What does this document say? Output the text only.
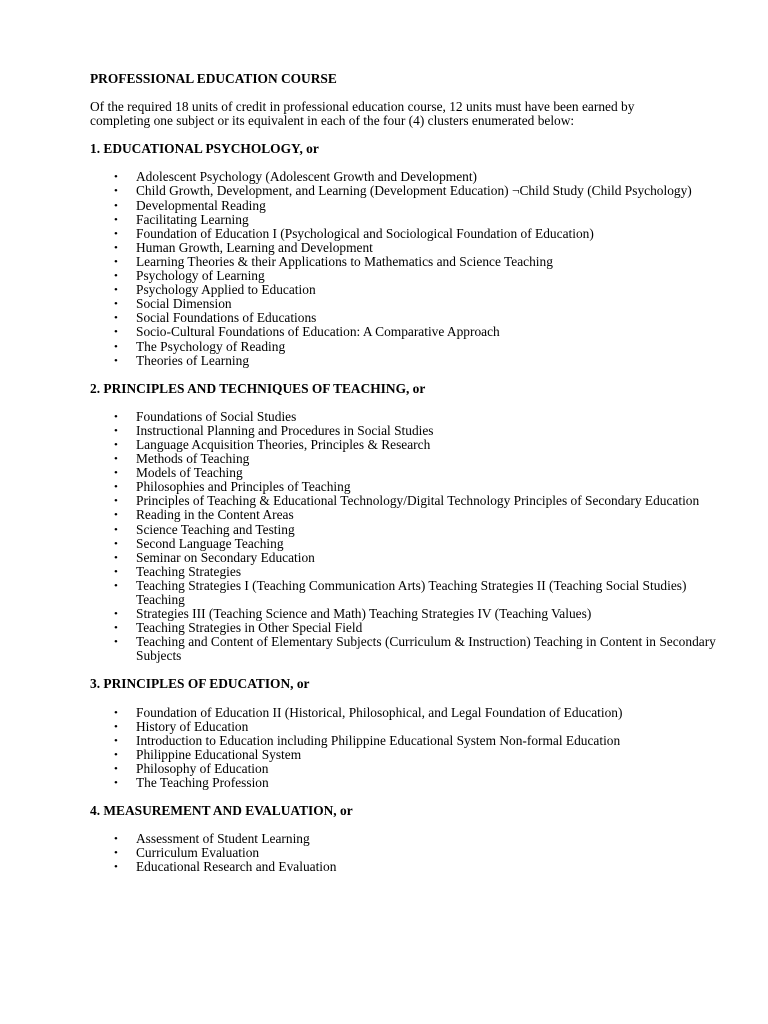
PROFESSIONAL EDUCATION COURSE
Of the required 18 units of credit in professional education course, 12 units must have been earned by completing one subject or its equivalent in each of the four (4) clusters enumerated below:
1. EDUCATIONAL PSYCHOLOGY, or
• Adolescent Psychology (Adolescent Growth and Development)
• Child Growth, Development, and Learning (Development Education) ¬Child Study (Child Psychology)
• Developmental Reading
• Facilitating Learning
• Foundation of Education I (Psychological and Sociological Foundation of Education)
• Human Growth, Learning and Development
• Learning Theories & their Applications to Mathematics and Science Teaching
• Psychology of Learning
• Psychology Applied to Education
• Social Dimension
• Social Foundations of Educations
• Socio-Cultural Foundations of Education: A Comparative Approach
• The Psychology of Reading
• Theories of Learning
2. PRINCIPLES AND TECHNIQUES OF TEACHING, or
• Foundations of Social Studies
• Instructional Planning and Procedures in Social Studies
• Language Acquisition Theories, Principles & Research
• Methods of Teaching
• Models of Teaching
• Philosophies and Principles of Teaching
• Principles of Teaching & Educational Technology/Digital Technology Principles of Secondary Education
• Reading in the Content Areas
• Science Teaching and Testing
• Second Language Teaching
• Seminar on Secondary Education
• Teaching Strategies
• Teaching Strategies I (Teaching Communication Arts) Teaching Strategies II (Teaching Social Studies) Teaching
• Strategies III (Teaching Science and Math) Teaching Strategies IV (Teaching Values)
• Teaching Strategies in Other Special Field
• Teaching and Content of Elementary Subjects (Curriculum & Instruction) Teaching in Content in Secondary Subjects
3. PRINCIPLES OF EDUCATION, or
• Foundation of Education II (Historical, Philosophical, and Legal Foundation of Education)
• History of Education
• Introduction to Education including Philippine Educational System Non-formal Education
• Philippine Educational System
• Philosophy of Education
• The Teaching Profession
4. MEASUREMENT AND EVALUATION, or
• Assessment of Student Learning
• Curriculum Evaluation
• Educational Research and Evaluation
